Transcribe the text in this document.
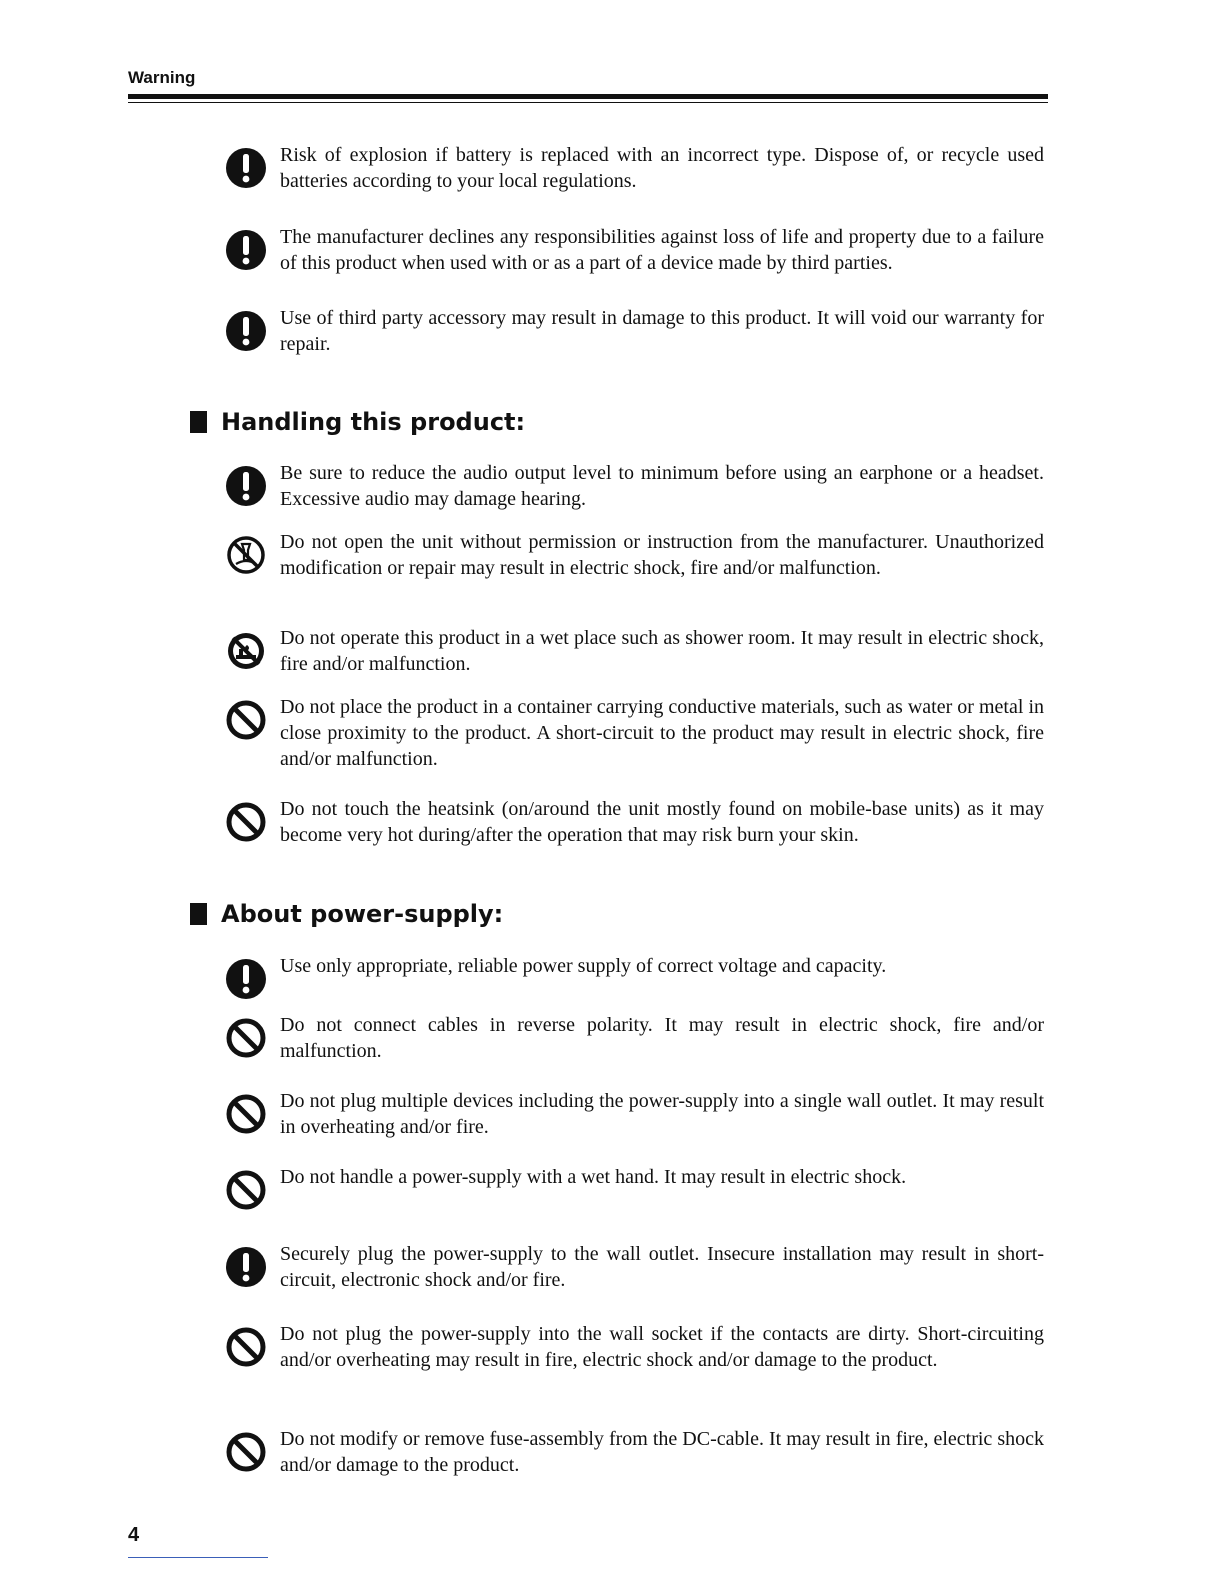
Warning
Risk of explosion if battery is replaced with an incorrect type. Dispose of, or recycle used batteries according to your local regulations.
The manufacturer declines any responsibilities against loss of life and property due to a failure of this product when used with or as a part of a device made by third parties.
Use of third party accessory may result in damage to this product. It will void our warranty for repair.
Handling this product:
Be sure to reduce the audio output level to minimum before using an earphone or a headset. Excessive audio may damage hearing.
Do not open the unit without permission or instruction from the manufacturer. Unauthorized modification or repair may result in electric shock, fire and/or malfunction.
Do not operate this product in a wet place such as shower room. It may result in electric shock, fire and/or malfunction.
Do not place the product in a container carrying conductive materials, such as water or metal in close proximity to the product. A short-circuit to the product may result in electric shock, fire and/or malfunction.
Do not touch the heatsink (on/around the unit mostly found on mobile-base units) as it may become very hot during/after the operation that may risk burn your skin.
About power-supply:
Use only appropriate, reliable power supply of correct voltage and capacity.
Do not connect cables in reverse polarity. It may result in electric shock, fire and/or malfunction.
Do not plug multiple devices including the power-supply into a single wall outlet. It may result in overheating and/or fire.
Do not handle a power-supply with a wet hand. It may result in electric shock.
Securely plug the power-supply to the wall outlet. Insecure installation may result in short-circuit, electronic shock and/or fire.
Do not plug the power-supply into the wall socket if the contacts are dirty. Short-circuiting and/or overheating may result in fire, electric shock and/or damage to the product.
Do not modify or remove fuse-assembly from the DC-cable. It may result in fire, electric shock and/or damage to the product.
4
